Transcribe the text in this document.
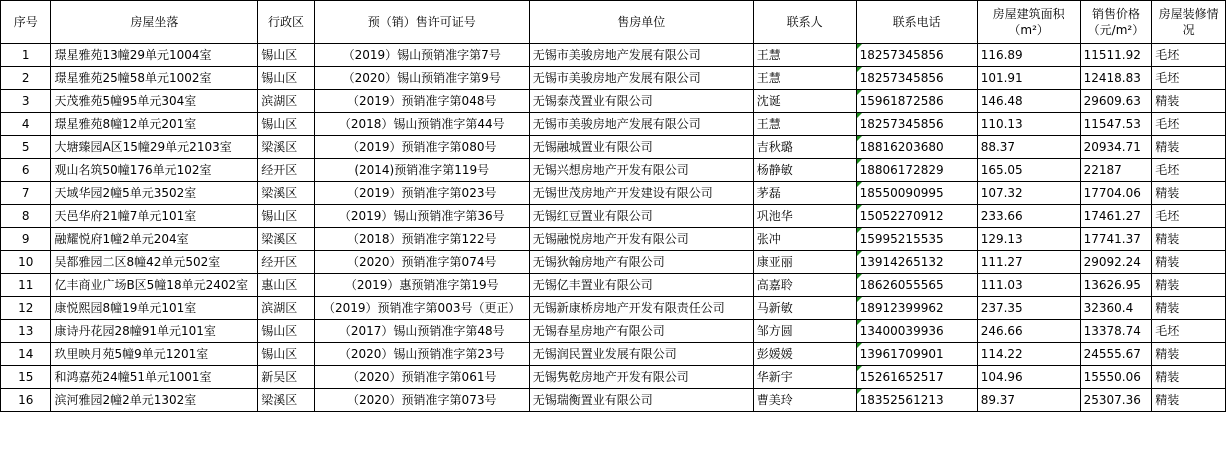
序号	房屋坐落	行政区	预（销）售许可证号	售房单位	联系人	联系电话	房屋建筑面积（m²）	销售价格（元/m²）	房屋装修情况
1	璟星雅苑13幢29单元1004室	锡山区	（2019）锡山预销准字第7号	无锡市美骏房地产发展有限公司	王慧	18257345856	116.89	11511.92	毛坯
2	璟星雅苑25幢58单元1002室	锡山区	（2020）锡山预销准字第9号	无锡市美骏房地产发展有限公司	王慧	18257345856	101.91	12418.83	毛坯
3	天茂雅苑5幢95单元304室	滨湖区	（2019）预销准字第048号	无锡泰茂置业有限公司	沈诞	15961872586	146.48	29609.63	精装
4	璟星雅苑8幢12单元201室	锡山区	（2018）锡山预销准字第44号	无锡市美骏房地产发展有限公司	王慧	18257345856	110.13	11547.53	毛坯
5	大塘臻园A区15幢29单元2103室	梁溪区	（2019）预销准字第080号	无锡融城置业有限公司	吉秋璐	18816203680	88.37	20934.71	精装
6	观山名筑50幢176单元102室	经开区	(2014)预销准字第119号	无锡兴想房地产开发有限公司	杨静敏	18806172829	165.05	22187	毛坯
7	天域华园2幢5单元3502室	梁溪区	（2019）预销准字第023号	无锡世茂房地产开发建设有限公司	茅磊	18550090995	107.32	17704.06	精装
8	天邑华府21幢7单元101室	锡山区	（2019）锡山预销准字第36号	无锡红豆置业有限公司	巩池华	15052270912	233.66	17461.27	毛坯
9	融耀悦府1幢2单元204室	梁溪区	（2018）预销准字第122号	无锡融悦房地产开发有限公司	张冲	15995215535	129.13	17741.37	精装
10	吴都雅园二区8幢42单元502室	经开区	（2020）预销准字第074号	无锡狄翰房地产有限公司	康亚丽	13914265132	111.27	29092.24	精装
11	亿丰商业广场B区5幢18单元2402室	惠山区	（2019）惠预销准字第19号	无锡亿丰置业有限公司	高嘉聆	18626055565	111.03	13626.95	精装
12	康悦熙园8幢19单元101室	滨湖区	（2019）预销准字第003号（更正）	无锡新康桥房地产开发有限责任公司	马新敏	18912399962	237.35	32360.4	精装
13	康诗丹花园28幢91单元101室	锡山区	（2017）锡山预销准字第48号	无锡春星房地产有限公司	邹方圆	13400039936	246.66	13378.74	毛坯
14	玖里映月苑5幢9单元1201室	锡山区	（2020）锡山预销准字第23号	无锡润民置业发展有限公司	彭媛媛	13961709901	114.22	24555.67	精装
15	和鸿嘉苑24幢51单元1001室	新吴区	（2020）预销准字第061号	无锡隽乾房地产开发有限公司	华新宇	15261652517	104.96	15550.06	精装
16	滨河雅园2幢2单元1302室	梁溪区	（2020）预销准字第073号	无锡瑞衡置业有限公司	曹美玲	18352561213	89.37	25307.36	精装
